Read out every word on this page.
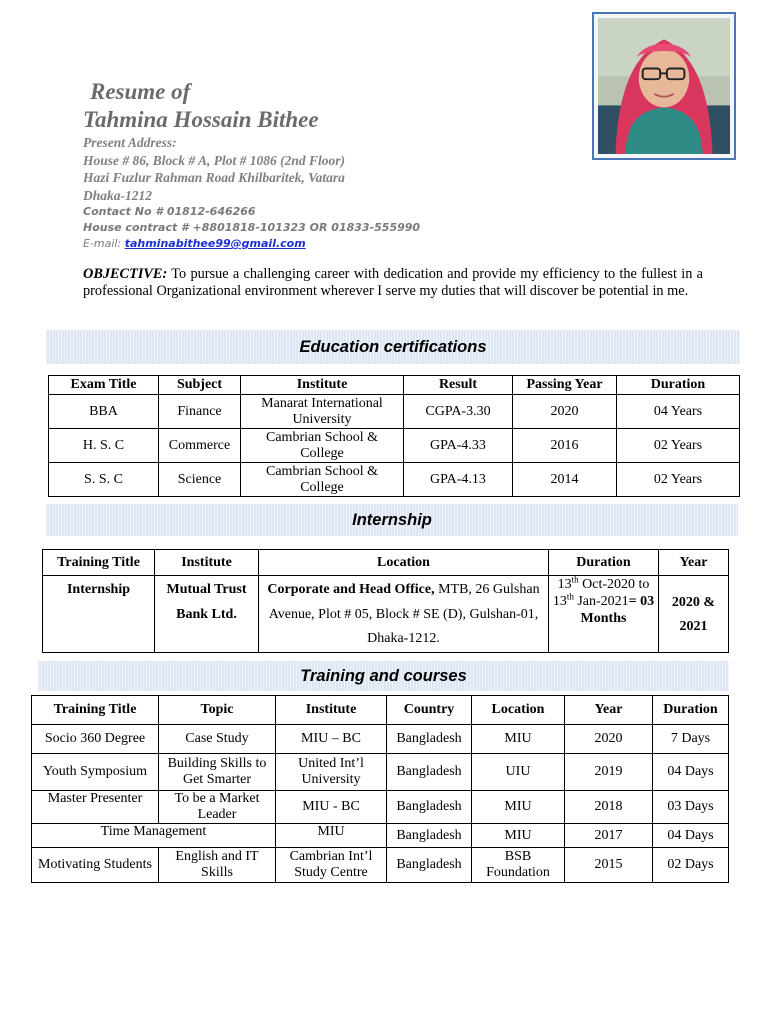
Resume of
Tahmina Hossain Bithee
Present Address:
House # 86, Block # A, Plot # 1086 (2nd Floor)
Hazi Fuzlur Rahman Road Khilbaritek, Vatara
Dhaka-1212
Contact No # 01812-646266
House contract # +8801818-101323 OR 01833-555990
E-mail: tahminabithee99@gmail.com
OBJECTIVE: To pursue a challenging career with dedication and provide my efficiency to the fullest in a professional Organizational environment wherever I serve my duties that will discover be potential in me.
Education certifications
Exam Title	Subject	Institute	Result	Passing Year	Duration
BBA	Finance	Manarat International University	CGPA-3.30	2020	04 Years
H. S. C	Commerce	Cambrian School & College	GPA-4.33	2016	02 Years
S. S. C	Science	Cambrian School & College	GPA-4.13	2014	02 Years
Internship
Training Title	Institute	Location	Duration	Year
Internship	Mutual Trust Bank Ltd.	Corporate and Head Office, MTB, 26 Gulshan Avenue, Plot # 05, Block # SE (D), Gulshan-01, Dhaka-1212.	13th Oct-2020 to 13th Jan-2021= 03 Months	2020 & 2021
Training and courses
Training Title	Topic	Institute	Country	Location	Year	Duration
Socio 360 Degree	Case Study	MIU – BC	Bangladesh	MIU	2020	7 Days
Youth Symposium	Building Skills to Get Smarter	United Int’l University	Bangladesh	UIU	2019	04 Days
Master Presenter	To be a Market Leader	MIU - BC	Bangladesh	MIU	2018	03 Days
Time Management		MIU	Bangladesh	MIU	2017	04 Days
Motivating Students	English and IT Skills	Cambrian Int’l Study Centre	Bangladesh	BSB Foundation	2015	02 Days
